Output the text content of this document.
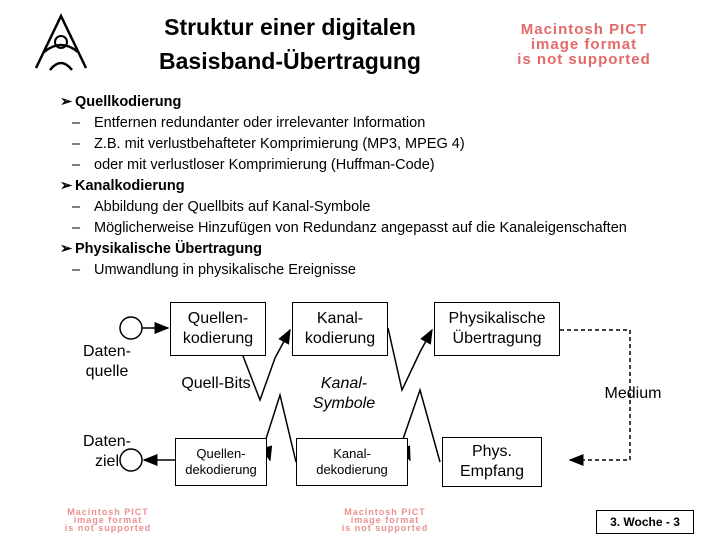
Struktur einer digitalen
Basisband-Übertragung
Macintosh PICT
image format
is not supported
➢ Quellkodierung
– Entfernen redundanter oder irrelevanter Information
– Z.B. mit verlustbehafteter Komprimierung (MP3, MPEG 4)
– oder mit verlustloser Komprimierung (Huffman-Code)
➢ Kanalkodierung
– Abbildung der Quellbits auf Kanal-Symbole
– Möglicherweise Hinzufügen von Redundanz angepasst auf die Kanaleigenschaften
➢ Physikalische Übertragung
– Umwandlung in physikalische Ereignisse
Daten-
quelle
Daten-
ziel
Quellen-
kodierung
Kanal-
kodierung
Physikalische
Übertragung
Quellen-
dekodierung
Kanal-
dekodierung
Phys.
Empfang
Quell-Bits	Kanal-
Symbole
Medium
Macintosh PICT
image format
is not supported
Macintosh PICT
image format
is not supported	3. Woche - 3
